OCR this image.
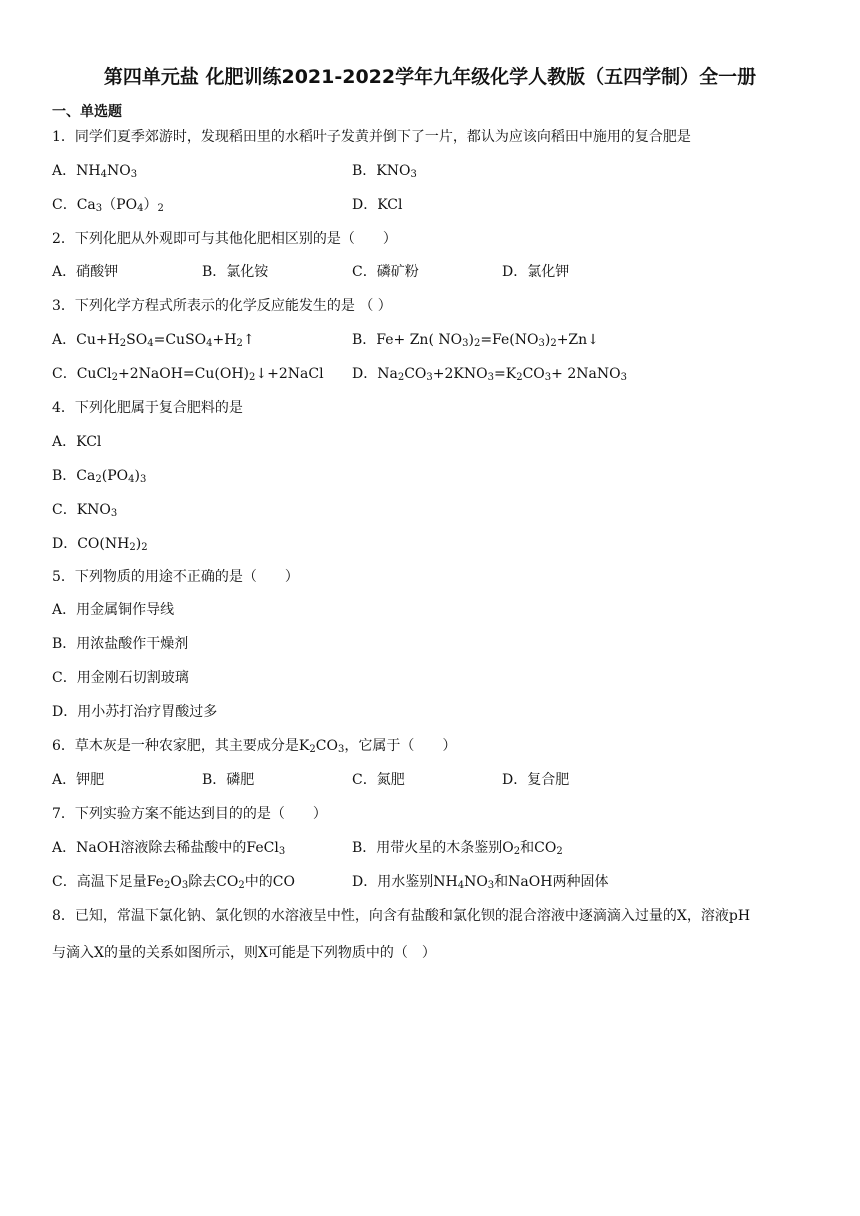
第四单元盐 化肥训练2021-2022学年九年级化学人教版（五四学制）全一册
一、单选题
1．同学们夏季郊游时，发现稻田里的水稻叶子发黄并倒下了一片，都认为应该向稻田中施用的复合肥是
A．$NH_4NO_3$	B．$KNO_3$
C．$Ca_3(PO_4)_2$	D．KCl
2．下列化肥从外观即可与其他化肥相区别的是（　　）
A．硝酸钾	B．氯化铵	C．磷矿粉	D．氯化钾
3．下列化学方程式所表示的化学反应能发生的是 （ ）
A．$Cu+H_2SO_4=CuSO_4+H_2↑$	B．Fe+ Zn( $NO_3)_2=Fe(NO_3)_2+Zn↓$
C．$CuCl_2+2NaOH=Cu(OH)_2↓+2NaCl$ D．$Na_2CO_3+2KNO_3=K_2CO_3+$ 2NaNO$_3$
4．下列化肥属于复合肥料的是
A．KCl
B．$Ca_2(PO_4)_3$
C．$KNO_3$
D．$CO(NH_2)_2$
5．下列物质的用途不正确的是（　　）
A．用金属铜作导线
B．用浓盐酸作干燥剂
C．用金刚石切割玻璃
D．用小苏打治疗胃酸过多
6．草木灰是一种农家肥，其主要成分是$K_2CO_3$，它属于（　　）
A．钾肥	B．磷肥	C．氮肥	D．复合肥
7．下列实验方案不能达到目的的是（　　）
A．NaOH溶液除去稀盐酸中的FeCl$_3$	B．用带火星的木条鉴别$O_2$和$CO_2$
C．高温下足量$Fe_2O_3$除去$CO_2$中的CO	D．用水鉴别$NH_4NO_3$和NaOH两种固体
8．已知，常温下氯化钠、氯化钡的水溶液呈中性，向含有盐酸和氯化钡的混合溶液中逐滴滴入过量的X，溶液pH
与滴入X的量的关系如图所示，则X可能是下列物质中的（　）
